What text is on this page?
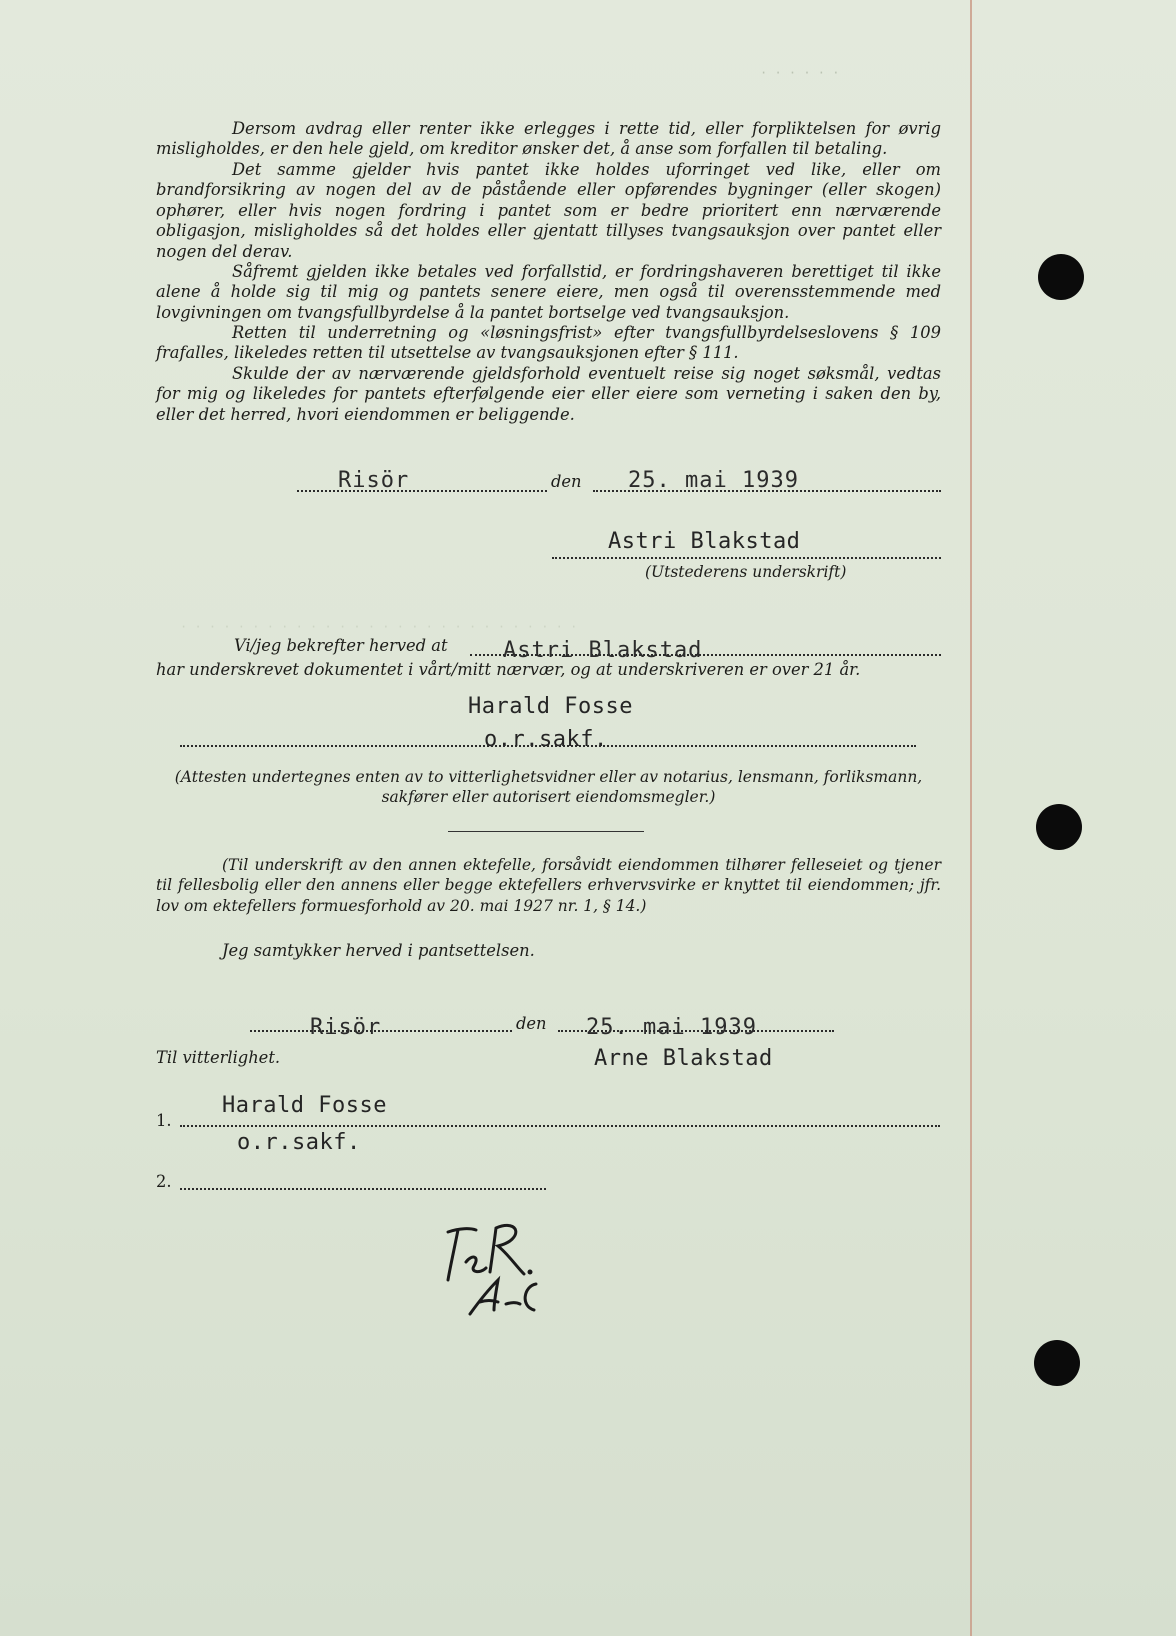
· · · · · ·
· · · · · · · · · · · · · · · · · · · · · · · · · · · ·

Dersom avdrag eller renter ikke erlegges i rette tid, eller forpliktelsen for øvrig misligholdes, er den hele gjeld, om kreditor ønsker det, å anse som forfallen til betaling.

Det samme gjelder hvis pantet ikke holdes uforringet ved like, eller om brandforsikring av nogen del av de påstående eller opførendes bygninger (eller skogen) ophører, eller hvis nogen fordring i pantet som er bedre prioritert enn nærværende obligasjon, misligholdes så det holdes eller gjentatt tillyses tvangsauksjon over pantet eller nogen del derav.

Såfremt gjelden ikke betales ved forfallstid, er fordringshaveren berettiget til ikke alene å holde sig til mig og pantets senere eiere, men også til overensstemmende med lovgivningen om tvangsfullbyrdelse å la pantet bortselge ved tvangsauksjon.

Retten til underretning og «løsningsfrist» efter tvangsfullbyrdelseslovens § 109 frafalles, likeledes retten til utsettelse av tvangsauksjonen efter § 111.

Skulde der av nærværende gjeldsforhold eventuelt reise sig noget søksmål, vedtas for mig og likeledes for pantets efterfølgende eier eller eiere som verneting i saken den by, eller det herred, hvori eiendommen er beliggende.

Risör	den 25. mai 1939
Astri Blakstad
(Utstederens underskrift)
Vi/jeg bekrefter herved at	Astri Blakstad
har underskrevet dokumentet i vårt/mitt nærvær, og at underskriveren er over 21 år.
Harald Fosse
o.r.sakf.

(Attesten undertegnes enten av to vitterlighetsvidner eller av notarius, lensmann, forliksmann, sakfører eller autorisert eiendomsmegler.)

(Til underskrift av den annen ektefelle, forsåvidt eiendommen tilhører felleseiet og tjener til fellesbolig eller den annens eller begge ektefellers erhvervsvirke er knyttet til eiendommen; jfr. lov om ektefellers formuesforhold av 20. mai 1927 nr. 1, § 14.)

Jeg samtykker herved i pantsettelsen.
Risör	den 25. mai 1939
Til vitterlighet.	Arne Blakstad
1.
Harald Fosse
o.r.sakf.
2.
